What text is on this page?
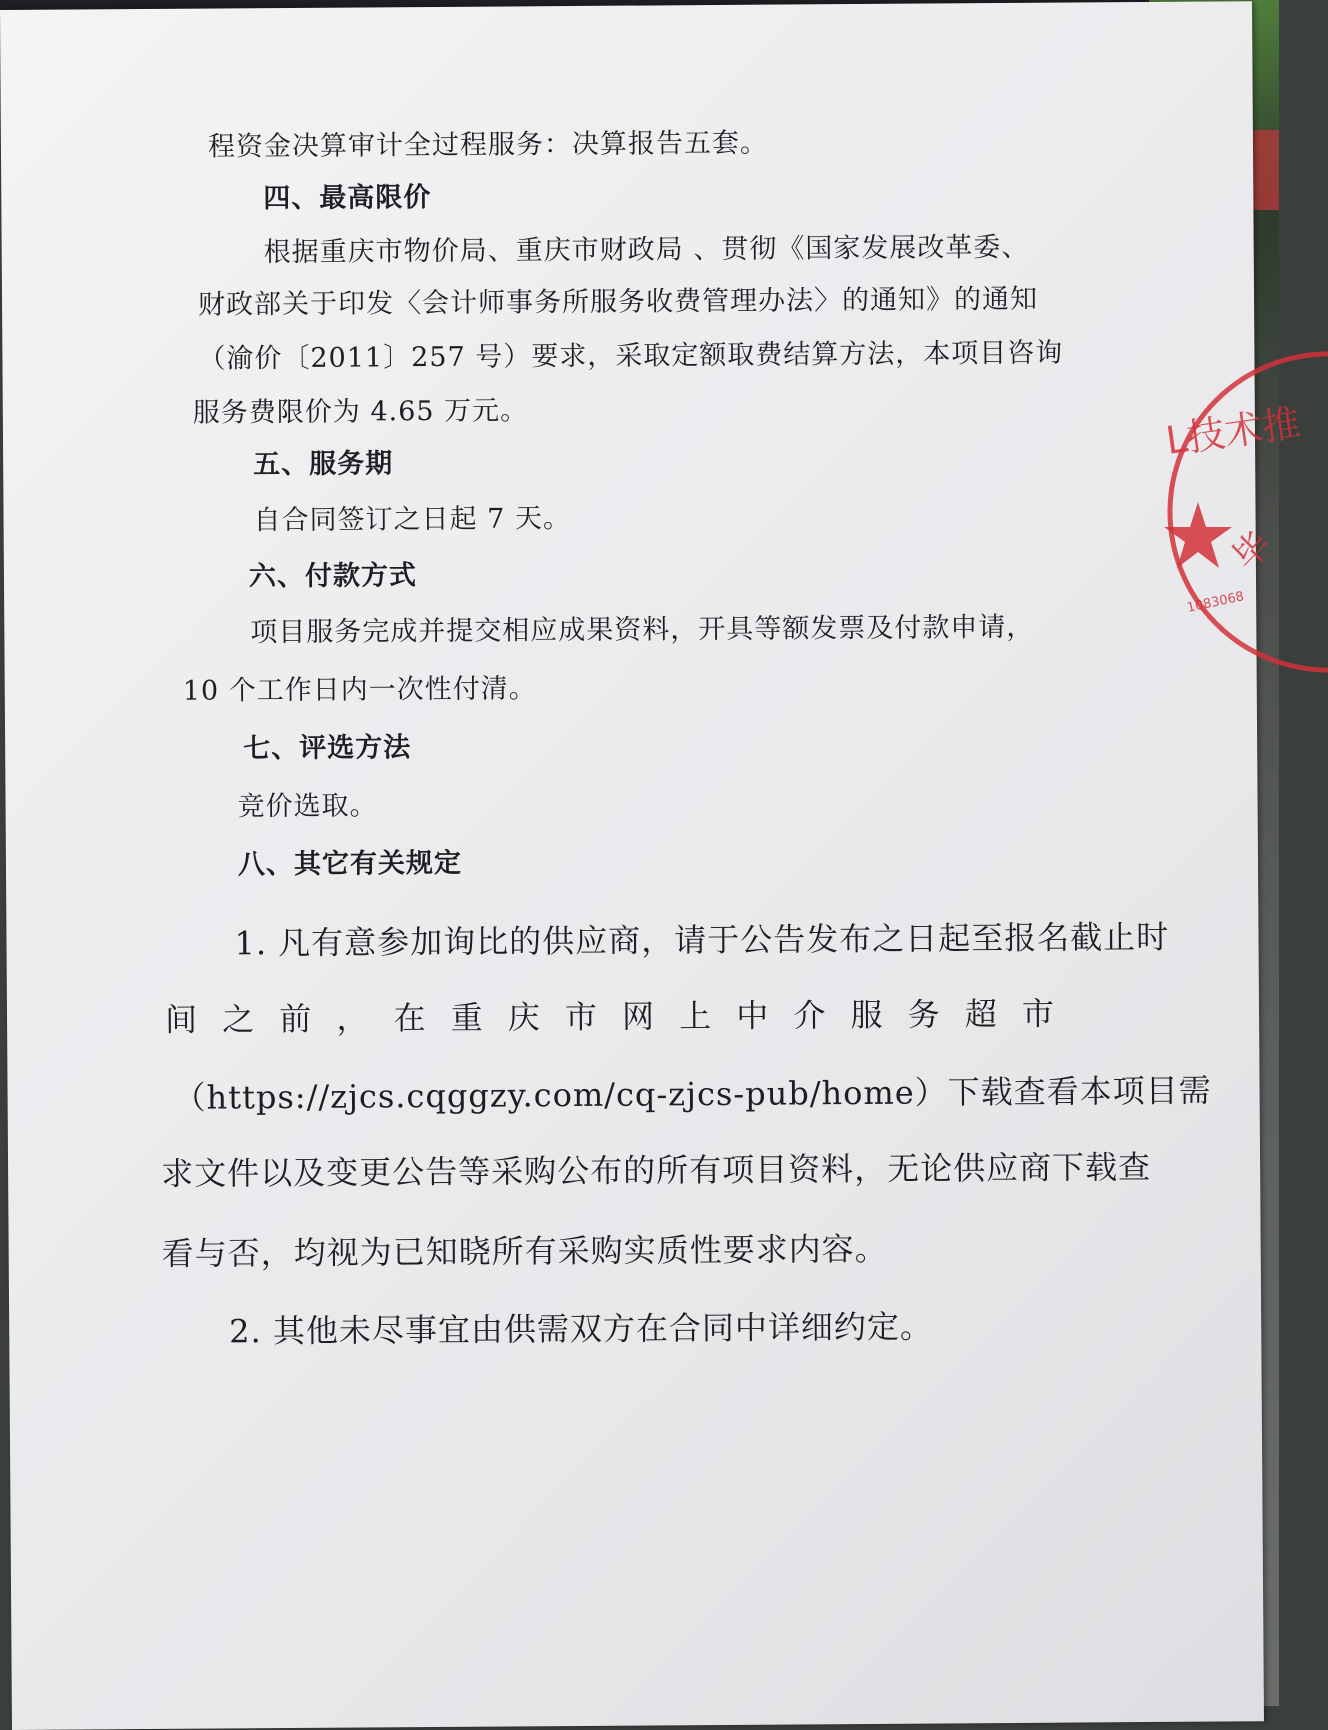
程资金决算审计全过程服务：决算报告五套。

四、最高限价

根据重庆市物价局、重庆市财政局 、贯彻《国家发展改革委、

财政部关于印发〈会计师事务所服务收费管理办法〉的通知》的通知

（渝价〔2011〕257 号）要求，采取定额取费结算方法，本项目咨询

服务费限价为 4.65 万元。

五、服务期

自合同签订之日起 7 天。

六、付款方式

项目服务完成并提交相应成果资料，开具等额发票及付款申请，

10 个工作日内一次性付清。

七、评选方法

竞价选取。

八、其它有关规定

1. 凡有意参加询比的供应商，请于公告发布之日起至报名截止时

间 之 前 ， 在 重 庆 市 网 上 中 介 服 务 超 市

（https://zjcs.cqggzy.com/cq-zjcs-pub/home）下载查看本项目需

求文件以及变更公告等采购公布的所有项目资料，无论供应商下载查

看与否，均视为已知晓所有采购实质性要求内容。

2. 其他未尽事宜由供需双方在合同中详细约定。

L技术推
毕
1083068
